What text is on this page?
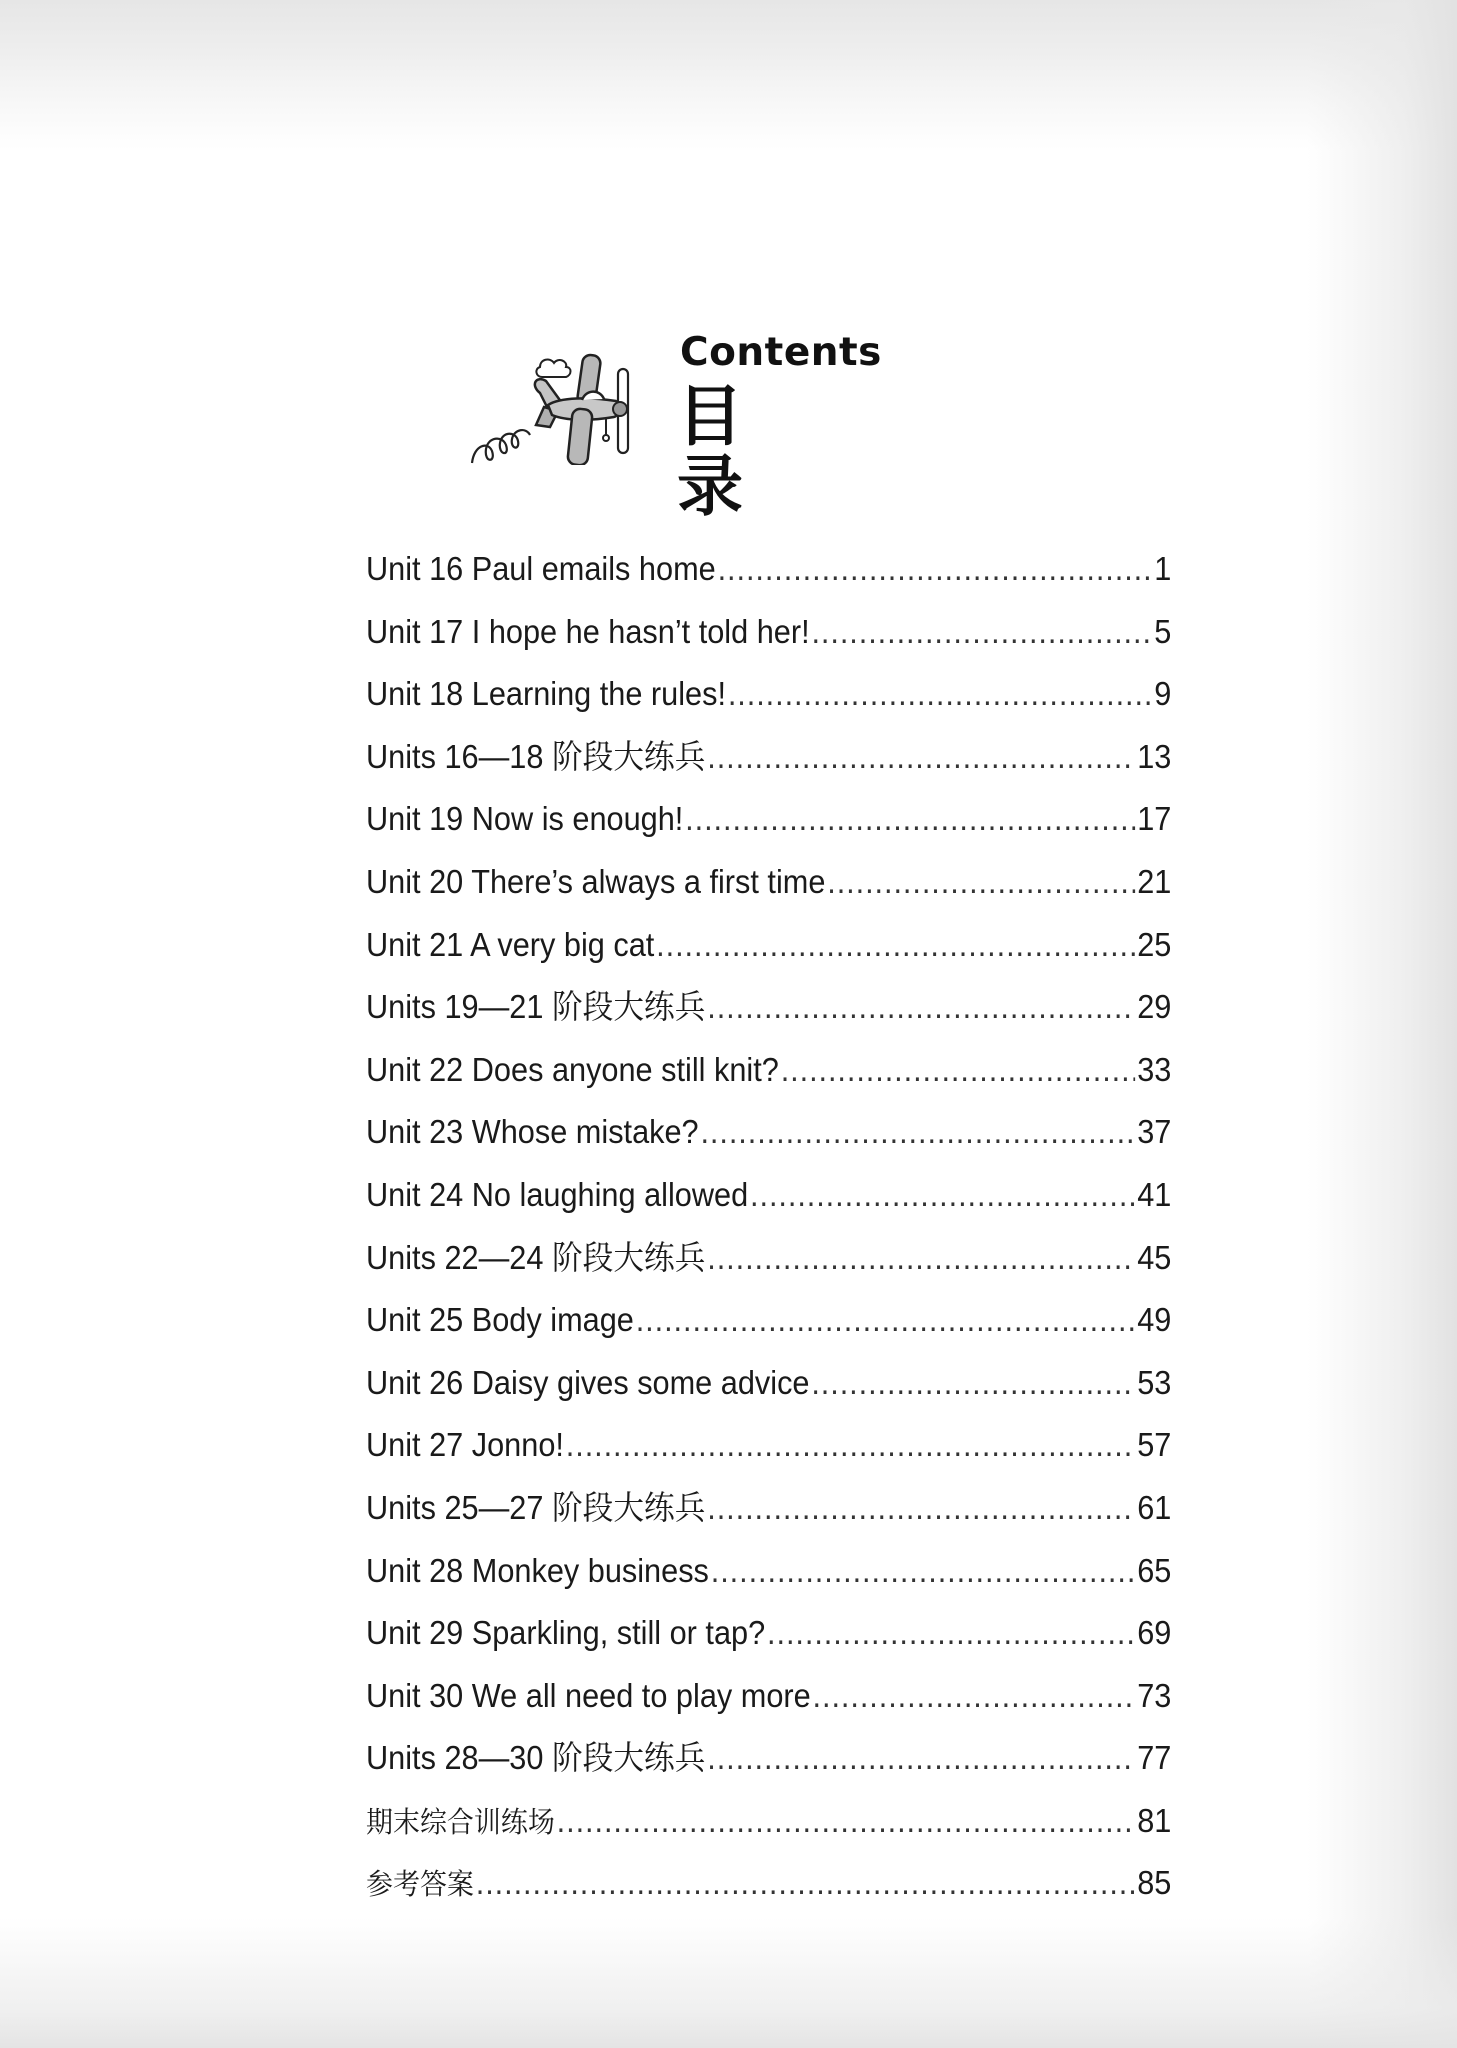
Contents
目录
Unit 16 Paul emails home .....	1
Unit 17 I hope he hasn’t told her! .....	5
Unit 18 Learning the rules! .....	9
Units 16—18 阶段大练兵 .....	13
Unit 19 Now is enough! .....	17
Unit 20 There’s always a first time .....	21
Unit 21 A very big cat .....	25
Units 19—21 阶段大练兵 .....	29
Unit 22 Does anyone still knit? .....	33
Unit 23 Whose mistake? .....	37
Unit 24 No laughing allowed .....	41
Units 22—24 阶段大练兵 .....	45
Unit 25 Body image .....	49
Unit 26 Daisy gives some advice .....	53
Unit 27 Jonno! .....	57
Units 25—27 阶段大练兵 .....	61
Unit 28 Monkey business .....	65
Unit 29 Sparkling, still or tap? .....	69
Unit 30 We all need to play more .....	73
Units 28—30 阶段大练兵 .....	77
期末综合训练场 .....	81
参考答案 .....	85
